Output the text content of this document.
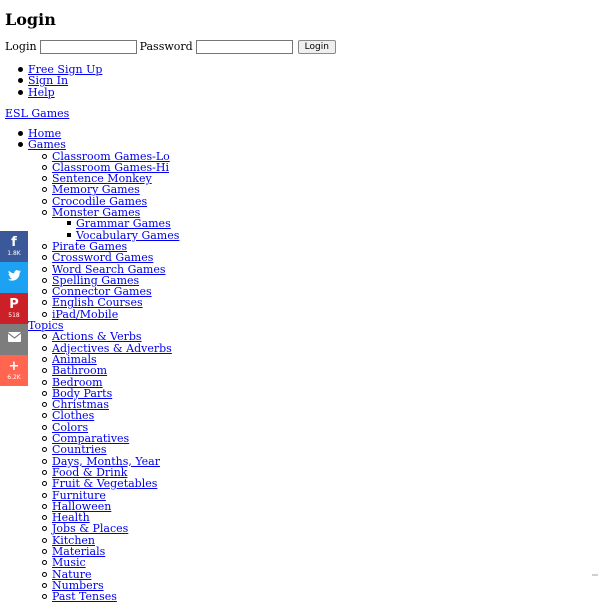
Login
Login	Password	Login
Free Sign Up
Sign In
Help
ESL Games
Home
Games
Classroom Games-Lo
Classroom Games-Hi
Sentence Monkey
Memory Games
Crocodile Games
Monster Games
Grammar Games
Vocabulary Games
Pirate Games
Crossword Games
Word Search Games
Spelling Games
Connector Games
English Courses
iPad/Mobile
Topics
Actions & Verbs
Adjectives & Adverbs
Animals
Bathroom
Bedroom
Body Parts
Christmas
Clothes
Colors
Comparatives
Countries
Days, Months, Year
Food & Drink
Fruit & Vegetables
Furniture
Halloween
Health
Jobs & Places
Kitchen
Materials
Music
Nature
Numbers
Past Tenses
f
1.8K
P
518
+
6.2K
